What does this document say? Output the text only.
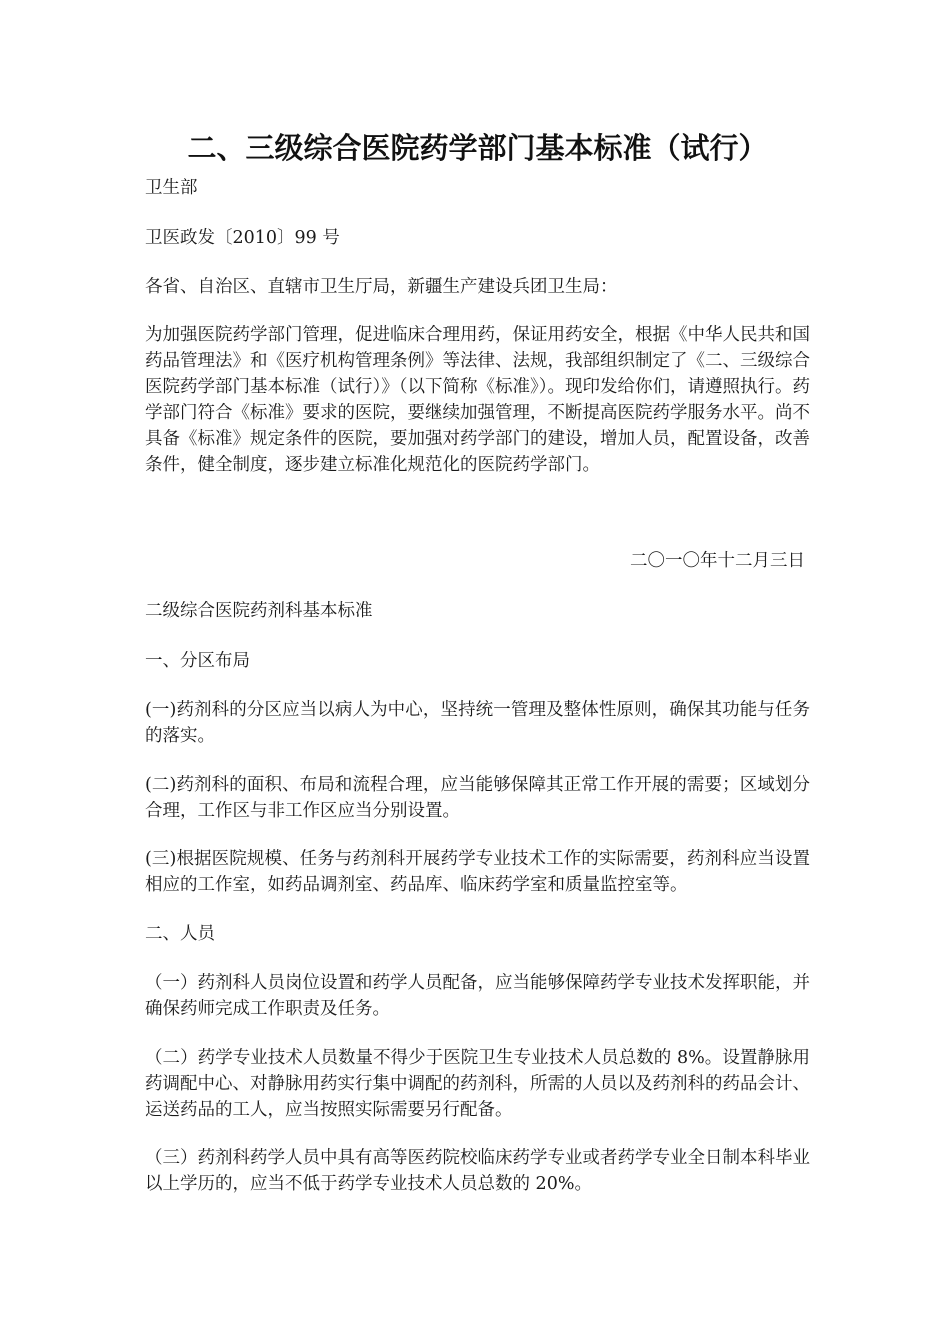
二、三级综合医院药学部门基本标准（试行）

卫生部

卫医政发〔2010〕99 号

各省、自治区、直辖市卫生厅局，新疆生产建设兵团卫生局：

为加强医院药学部门管理，促进临床合理用药，保证用药安全，根据《中华人民共和国药品管理法》和《医疗机构管理条例》等法律、法规，我部组织制定了《二、三级综合医院药学部门基本标准（试行）》（以下简称《标准》）。现印发给你们，请遵照执行。药学部门符合《标准》要求的医院，要继续加强管理，不断提高医院药学服务水平。尚不具备《标准》规定条件的医院，要加强对药学部门的建设，增加人员，配置设备，改善条件，健全制度，逐步建立标准化规范化的医院药学部门。

二〇一〇年十二月三日

二级综合医院药剂科基本标准

一、分区布局

(一)药剂科的分区应当以病人为中心，坚持统一管理及整体性原则，确保其功能与任务的落实。

(二)药剂科的面积、布局和流程合理，应当能够保障其正常工作开展的需要；区域划分合理，工作区与非工作区应当分别设置。

(三)根据医院规模、任务与药剂科开展药学专业技术工作的实际需要，药剂科应当设置相应的工作室，如药品调剂室、药品库、临床药学室和质量监控室等。

二、人员

（一）药剂科人员岗位设置和药学人员配备，应当能够保障药学专业技术发挥职能，并确保药师完成工作职责及任务。

（二）药学专业技术人员数量不得少于医院卫生专业技术人员总数的 8%。设置静脉用药调配中心、对静脉用药实行集中调配的药剂科，所需的人员以及药剂科的药品会计、运送药品的工人，应当按照实际需要另行配备。

（三）药剂科药学人员中具有高等医药院校临床药学专业或者药学专业全日制本科毕业以上学历的，应当不低于药学专业技术人员总数的 20%。
